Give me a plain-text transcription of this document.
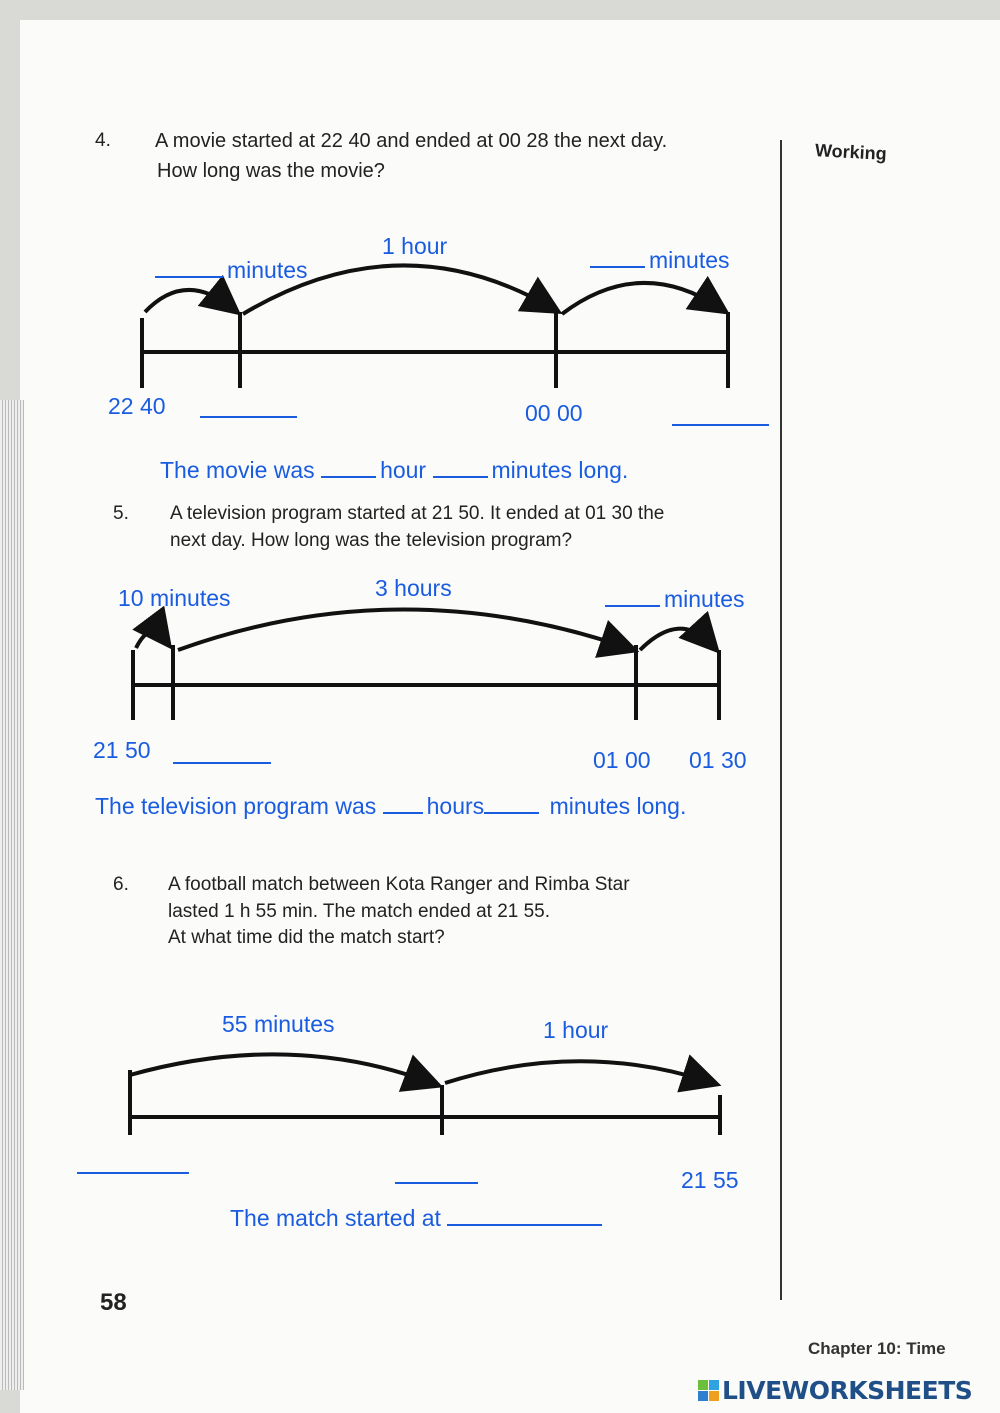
Working
4. A movie started at 22 40 and ended at 00 28 the next day.
How long was the movie?
minutes
1 hour
minutes
22 40	00 00
The movie was	hour	minutes long.
5. A television program started at 21 50. It ended at 01 30 the
next day. How long was the television program?
10 minutes	3 hours	minutes
21 50	01 00 01 30
The television program was hours	minutes long.
6. A football match between Kota Ranger and Rimba Star
lasted 1 h 55 min. The match ended at 21 55.
At what time did the match start?
55 minutes	1 hour
21 55
The match started at
58
Chapter 10: Time
LIVEWORKSHEETS
